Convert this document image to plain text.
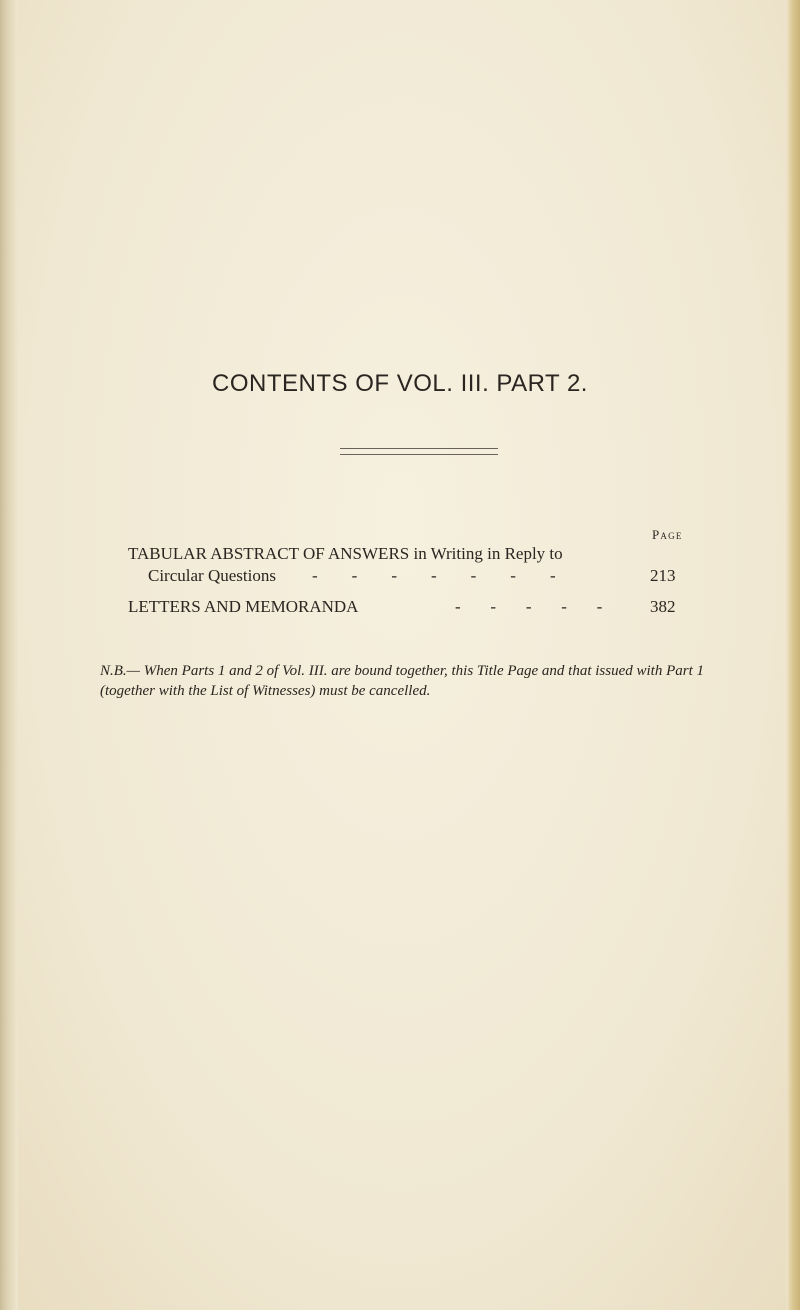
CONTENTS OF VOL. III. PART 2.
Page
TABULAR ABSTRACT OF ANSWERS in Writing in Reply to
Circular Questions -        -        -        -        -        -        -	213
LETTERS AND MEMORANDA	-       -       -       -       -	382
N.B.— When Parts 1 and 2 of Vol. III. are bound together, this Title Page and that issued with Part 1 (together with the List of Witnesses) must be cancelled.
